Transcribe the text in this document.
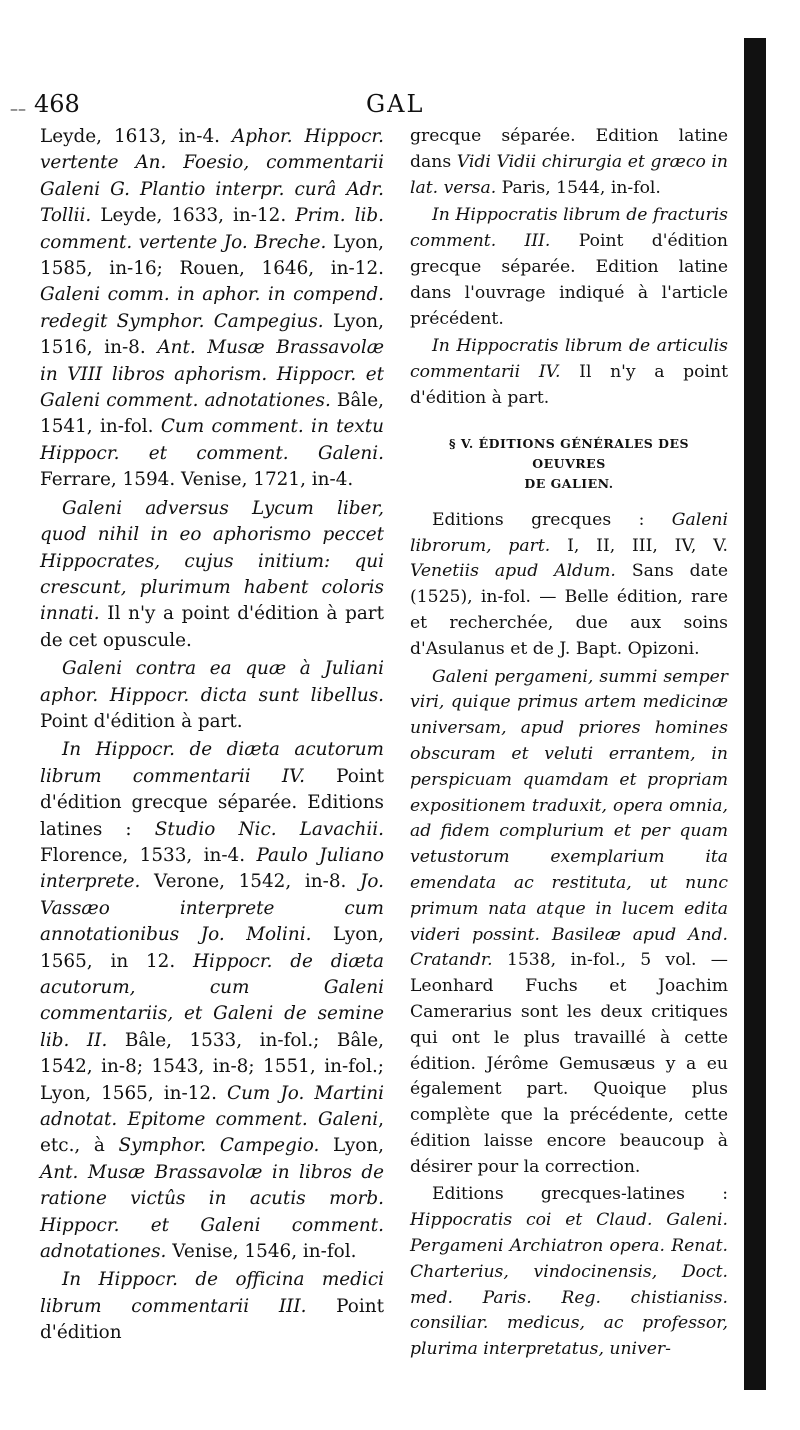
–– 468	GAL

Leyde, 1613, in-4. Aphor. Hippocr. vertente An. Foesio, commentarii Galeni G. Plantio interpr. curâ Adr. Tollii. Leyde, 1633, in-12. Prim. lib. comment. vertente Jo. Breche. Lyon, 1585, in-16; Rouen, 1646, in-12. Galeni comm. in aphor. in compend. redegit Symphor. Campegius. Lyon, 1516, in-8. Ant. Musæ Brassavolæ in VIII libros aphorism. Hippocr. et Galeni comment. adnotationes. Bâle, 1541, in-fol. Cum comment. in textu Hippocr. et comment. Galeni. Ferrare, 1594. Venise, 1721, in-4.

Galeni adversus Lycum liber, quod nihil in eo aphorismo peccet Hippocrates, cujus initium: qui crescunt, plurimum habent coloris innati. Il n'y a point d'édition à part de cet opuscule.

Galeni contra ea quæ à Juliani aphor. Hippocr. dicta sunt libellus. Point d'édition à part.

In Hippocr. de diæta acutorum librum commentarii IV. Point d'édition grecque séparée. Editions latines : Studio Nic. Lavachii. Florence, 1533, in-4. Paulo Juliano interprete. Verone, 1542, in-8. Jo. Vassæo interprete cum annotationibus Jo. Molini. Lyon, 1565, in 12. Hippocr. de diæta acutorum, cum Galeni commentariis, et Galeni de semine lib. II. Bâle, 1533, in-fol.; Bâle, 1542, in-8; 1543, in-8; 1551, in-fol.; Lyon, 1565, in-12. Cum Jo. Martini adnotat. Epitome comment. Galeni, etc., à Symphor. Campegio. Lyon, Ant. Musæ Brassavolæ in libros de ratione victûs in acutis morb. Hippocr. et Galeni comment. adnotationes. Venise, 1546, in-fol.

In Hippocr. de officina medici librum commentarii III. Point d'édition

grecque séparée. Edition latine dans Vidi Vidii chirurgia et græco in lat. versa. Paris, 1544, in-fol.

In Hippocratis librum de fracturis comment. III. Point d'édition grecque séparée. Edition latine dans l'ouvrage indiqué à l'article précédent.

In Hippocratis librum de articulis commentarii IV. Il n'y a point d'édition à part.

§ V. ÉDITIONS GÉNÉRALES DES OEUVRES
DE GALIEN.

Editions grecques : Galeni librorum, part. I, II, III, IV, V. Venetiis apud Aldum. Sans date (1525), in-fol. — Belle édition, rare et recherchée, due aux soins d'Asulanus et de J. Bapt. Opizoni.

Galeni pergameni, summi semper viri, quique primus artem medicinæ universam, apud priores homines obscuram et veluti errantem, in perspicuam quamdam et propriam expositionem traduxit, opera omnia, ad fidem complurium et per quam vetustorum exemplarium ita emendata ac restituta, ut nunc primum nata atque in lucem edita videri possint. Basileæ apud And. Cratandr. 1538, in-fol., 5 vol. — Leonhard Fuchs et Joachim Camerarius sont les deux critiques qui ont le plus travaillé à cette édition. Jérôme Gemusæus y a eu également part. Quoique plus complète que la précédente, cette édition laisse encore beaucoup à désirer pour la correction.

Editions grecques-latines : Hippocratis coi et Claud. Galeni. Pergameni Archiatron opera. Renat. Charterius, vindocinensis, Doct. med. Paris. Reg. chistianiss. consiliar. medicus, ac professor, plurima interpretatus, univer-
